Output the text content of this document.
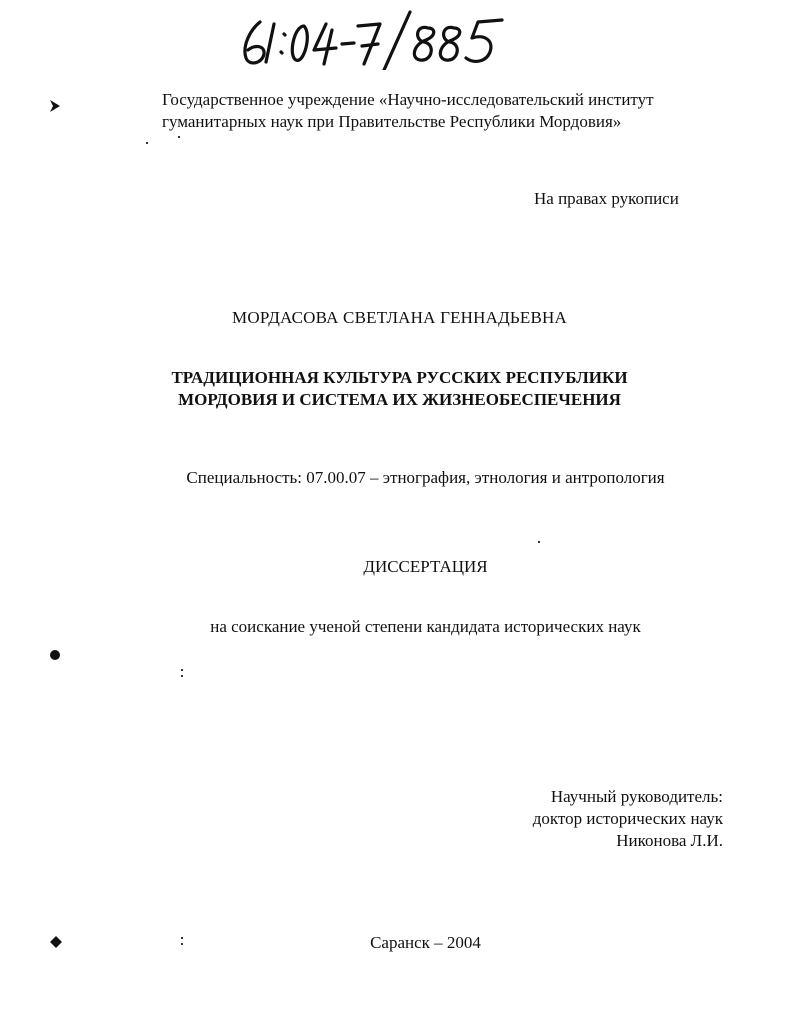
Государственное учреждение «Научно-исследовательский институт
гуманитарных наук при Правительстве Республики Мордовия»
На правах рукописи
МОРДАСОВА СВЕТЛАНА ГЕННАДЬЕВНА
ТРАДИЦИОННАЯ КУЛЬТУРА РУССКИХ РЕСПУБЛИКИ
МОРДОВИЯ И СИСТЕМА ИХ ЖИЗНЕОБЕСПЕЧЕНИЯ
Специальность: 07.00.07 – этнография, этнология и антропология
ДИССЕРТАЦИЯ
на соискание ученой степени кандидата исторических наук
Научный руководитель:
доктор исторических наук
Никонова Л.И.
Саранск – 2004
